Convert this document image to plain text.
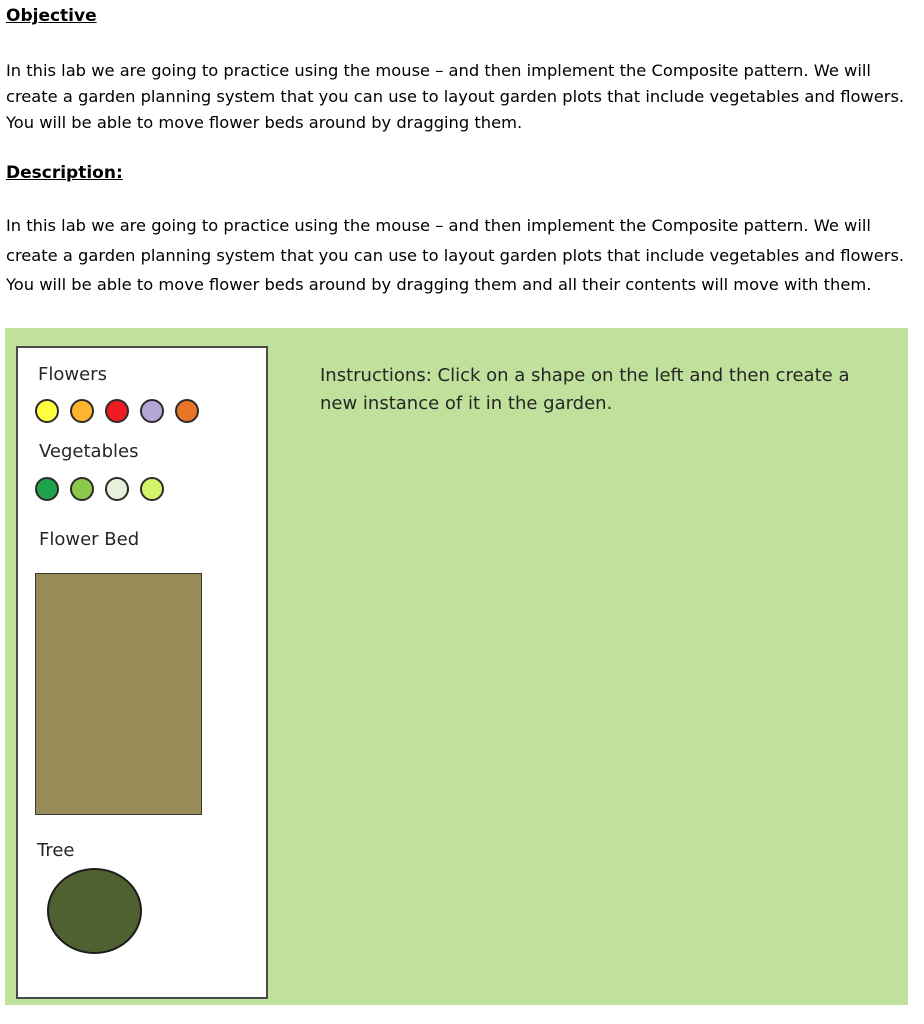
Objective

In this lab we are going to practice using the mouse – and then implement the Composite pattern. We will create a garden planning system that you can use to layout garden plots that include vegetables and flowers. You will be able to move flower beds around by dragging them.

Description:

In this lab we are going to practice using the mouse – and then implement the Composite pattern. We will create a garden planning system that you can use to layout garden plots that include vegetables and flowers. You will be able to move flower beds around by dragging them and all their contents will move with them.

Flowers

Vegetables

Flower Bed

Tree

Instructions: Click on a shape on the left and then create a new instance of it in the garden.
